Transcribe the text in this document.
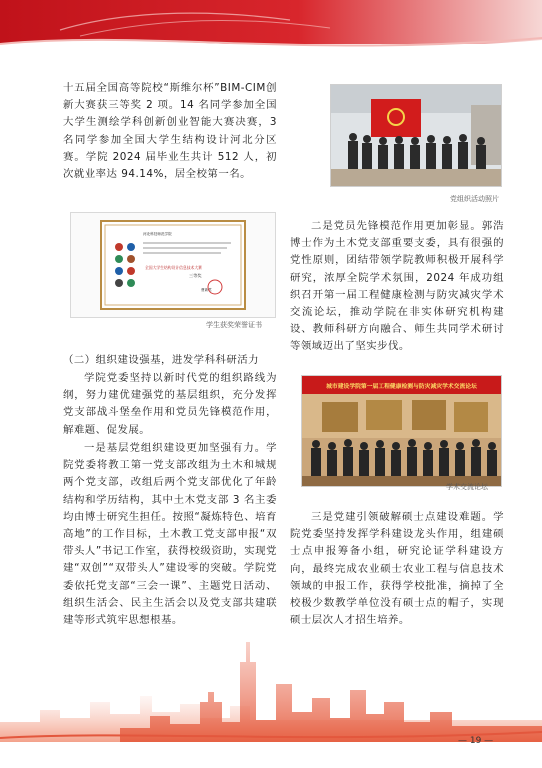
十五届全国高等院校“斯维尔杯”BIM-CIM创新大赛获三等奖 2 项。14 名同学参加全国大学生测绘学科创新创业智能大赛决赛，3 名同学参加全国大学生结构设计河北分区赛。学院 2024 届毕业生共计 512 人，初次就业率达 94.14%，居全校第一名。
河北科技师范学院
全国大学生结构设计信息技术大赛
三等奖
曹新君
学生获奖荣誉证书
（二）组织建设强基，进发学科科研活力
学院党委坚持以新时代党的组织路线为纲，努力建优建强党的基层组织，充分发挥党支部战斗堡垒作用和党员先锋模范作用，解难题、促发展。
一是基层党组织建设更加坚强有力。学院党委将教工第一党支部改组为土木和城规两个党支部，改组后两个党支部优化了年龄结构和学历结构，其中土木党支部 3 名主委均由博士研究生担任。按照“凝炼特色、培育高地”的工作目标，土木教工党支部申报“双带头人”书记工作室，获得校级资助，实现党建“双创”“双带头人”建设零的突破。学院党委依托党支部“三会一课”、主题党日活动、组织生活会、民主生活会以及党支部共建联建等形式筑牢思想根基。
党组织活动照片
二是党员先锋模范作用更加彰显。郭浩博士作为土木党支部重要支委，具有很强的党性原则，团结带领学院教师积极开展科学研究，浓厚全院学术氛围，2024 年成功组织召开第一届工程健康检测与防灾减灾学术交流论坛，推动学院在非实体研究机构建设、教师科研方向融合、师生共同学术研讨等领域迈出了坚实步伐。
城市建设学院第一届工程健康检测与防灾减灾学术交流论坛
学术交流论坛
三是党建引领破解硕士点建设难题。学院党委坚持发挥学科建设龙头作用，组建硕士点申报筹备小组，研究论证学科建设方向，最终完成农业硕士农业工程与信息技术领域的申报工作，获得学校批准，摘掉了全校极少数教学单位没有硕士点的帽子，实现硕士层次人才招生培养。
— 19 —
